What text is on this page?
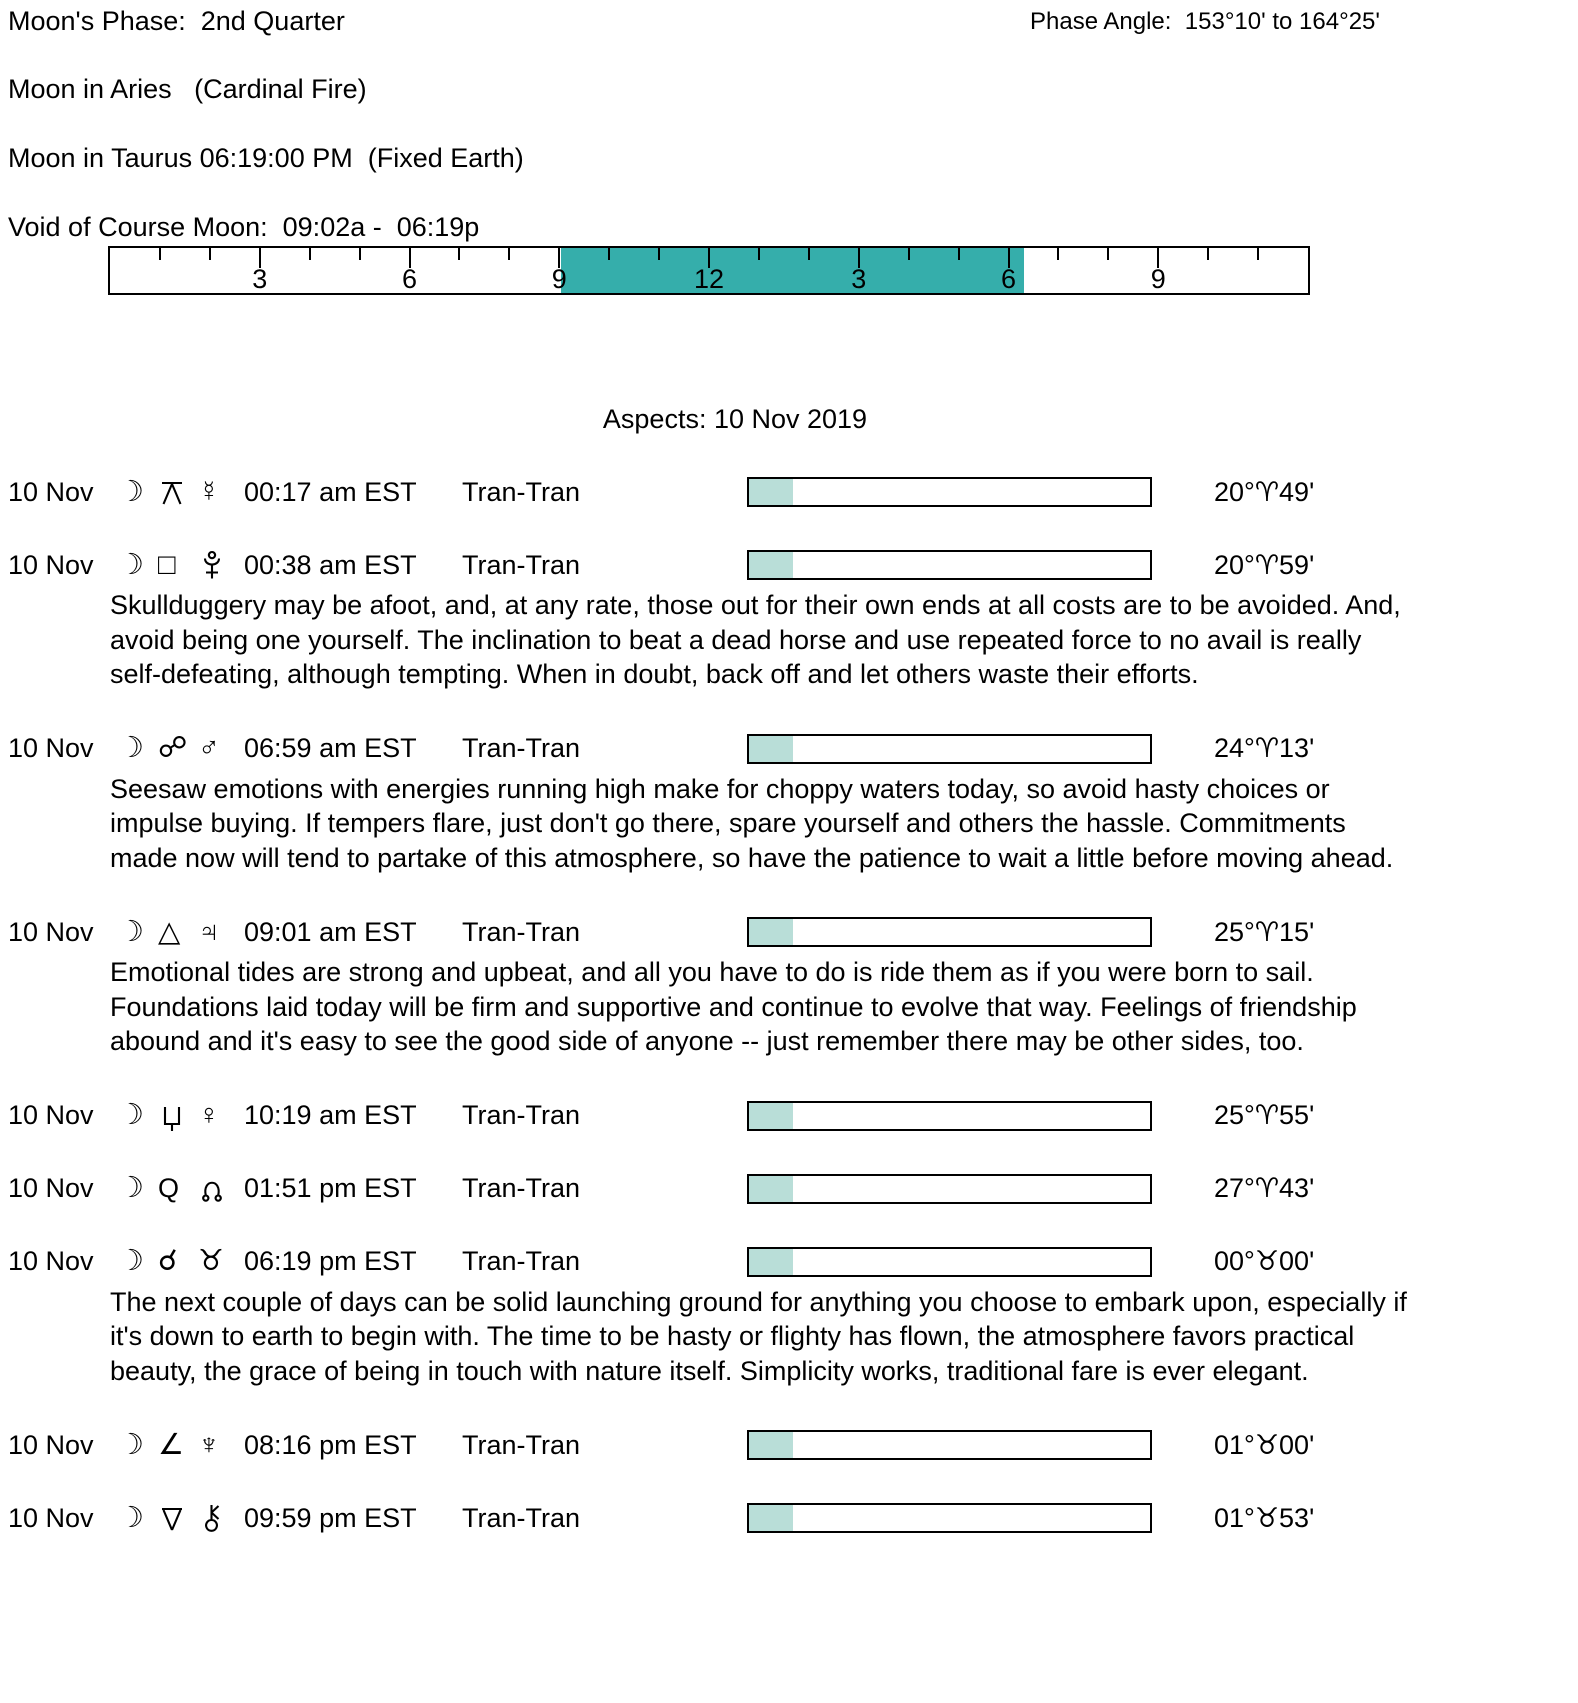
Moon's Phase:  2nd Quarter	Phase Angle:  153°10' to 164°25'
Moon in Aries   (Cardinal Fire)
Moon in Taurus 06:19:00 PM  (Fixed Earth)
Void of Course Moon:  09:02a -  06:19p
3	6	9	12	3	6	9
Aspects: 10 Nov 2019
10 Nov ☽	☿ 00:17 am EST	Tran-Tran	20°♈49'
10 Nov ☽ □	00:38 am EST	Tran-Tran	20°♈59'
Skullduggery may be afoot, and, at any rate, those out for their own ends at all costs are to be avoided. And, avoid being one yourself. The inclination to beat a dead horse and use repeated force to no avail is really self-defeating, although tempting. When in doubt, back off and let others waste their efforts.
10 Nov ☽ ☍ ♂ 06:59 am EST	Tran-Tran	24°♈13'
Seesaw emotions with energies running high make for choppy waters today, so avoid hasty choices or impulse buying. If tempers flare, just don't go there, spare yourself and others the hassle. Commitments made now will tend to partake of this atmosphere, so have the patience to wait a little before moving ahead.
10 Nov ☽ △ ♃ 09:01 am EST	Tran-Tran	25°♈15'
Emotional tides are strong and upbeat, and all you have to do is ride them as if you were born to sail. Foundations laid today will be firm and supportive and continue to evolve that way. Feelings of friendship abound and it's easy to see the good side of anyone -- just remember there may be other sides, too.
10 Nov ☽	♀ 10:19 am EST	Tran-Tran	25°♈55'
10 Nov ☽ Q	01:51 pm EST	Tran-Tran	27°♈43'
10 Nov ☽ ☌ ♉ 06:19 pm EST	Tran-Tran	00°♉00'
The next couple of days can be solid launching ground for anything you choose to embark upon, especially if it's down to earth to begin with. The time to be hasty or flighty has flown, the atmosphere favors practical beauty, the grace of being in touch with nature itself. Simplicity works, traditional fare is ever elegant.
10 Nov ☽ ∠ ♆ 08:16 pm EST	Tran-Tran	01°♉00'
10 Nov ☽	09:59 pm EST	Tran-Tran	01°♉53'
